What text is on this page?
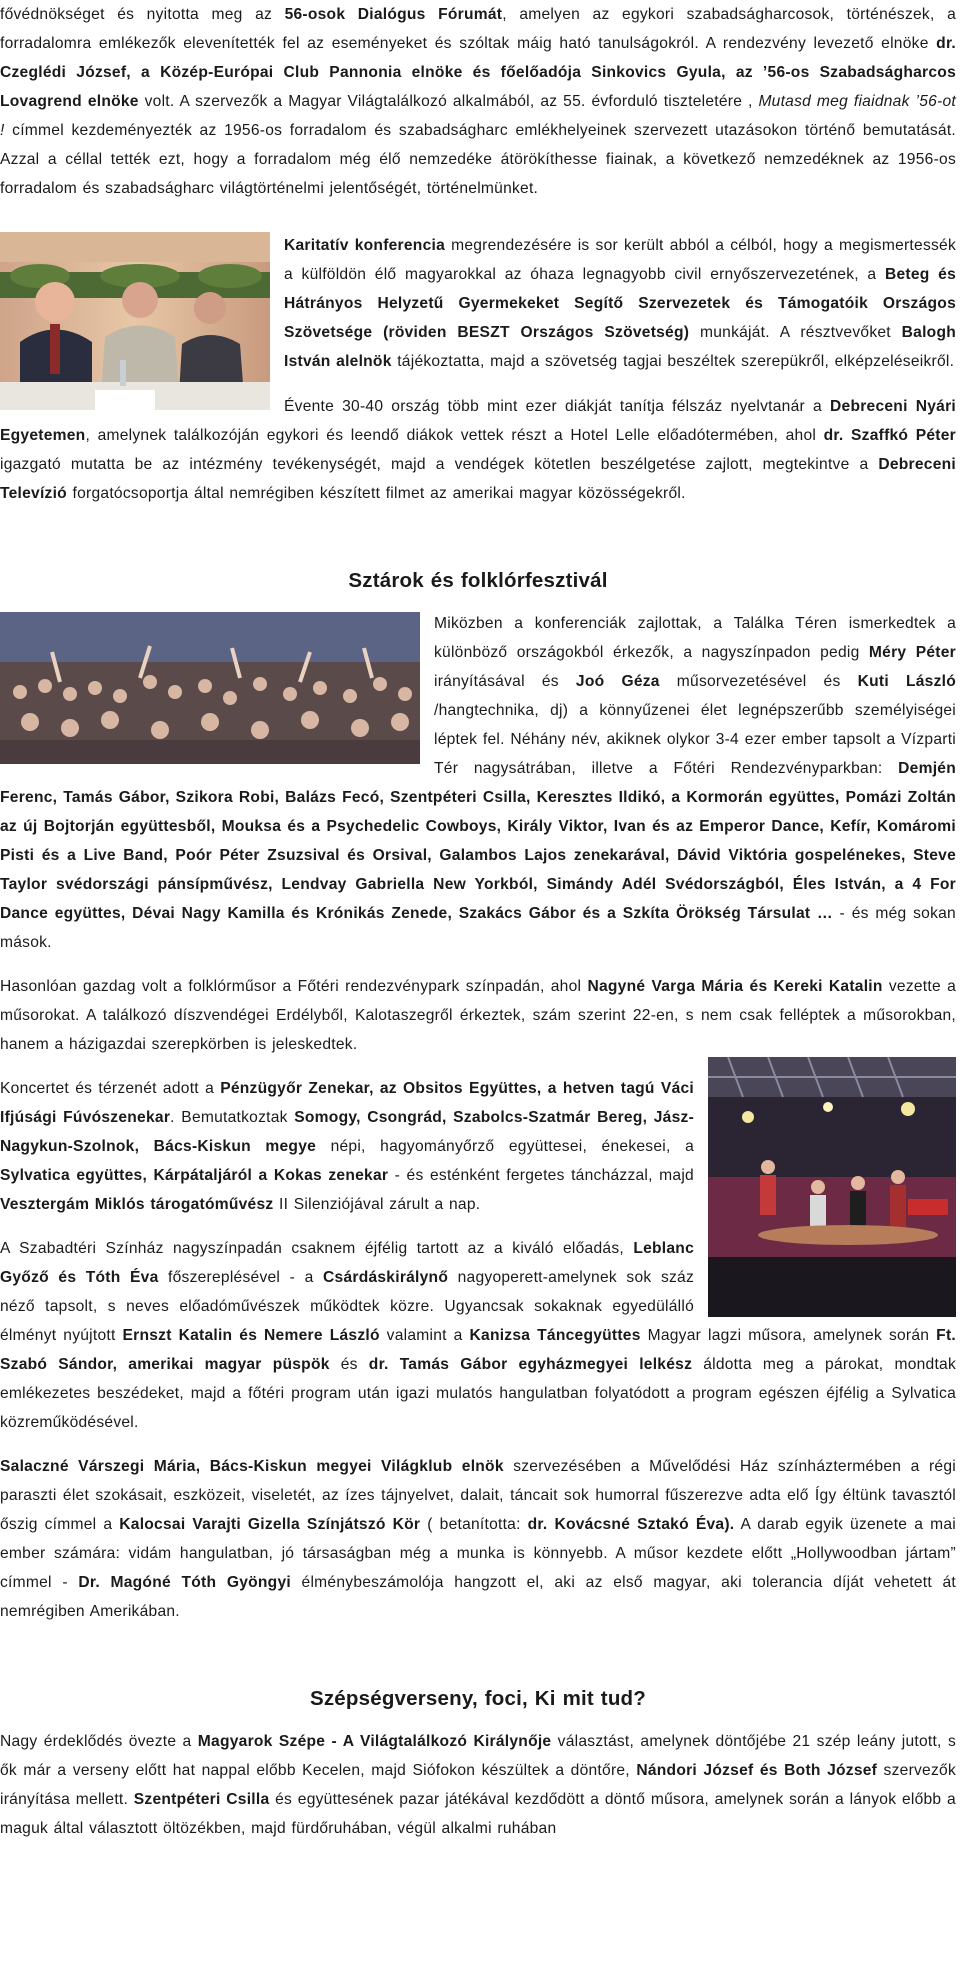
fővédnökséget és nyitotta meg az 56-osok Dialógus Fórumát, amelyen az egykori szabadságharcosok, történészek, a forradalomra emlékezők elevenítették fel az eseményeket és szóltak máig ható tanulságokról. A rendezvény levezető elnöke dr. Czeglédi József, a Közép-Európai Club Pannonia elnöke és főelőadója Sinkovics Gyula, az ’56-os Szabadságharcos Lovagrend elnöke volt. A szervezők a Magyar Világtalálkozó alkalmából, az 55. évforduló tiszteletére , Mutasd meg fiaidnak ’56-ot ! címmel kezdeményezték az 1956-os forradalom és szabadságharc emlékhelyeinek szervezett utazásokon történő bemutatását. Azzal a céllal tették ezt, hogy a forradalom még élő nemzedéke átörökíthesse fiainak, a következő nemzedéknek az 1956-os forradalom és szabadságharc világtörténelmi jelentőségét, történelmünket.

Karitatív konferencia megrendezésére is sor került abból a célból, hogy a megismertessék a külföldön élő magyarokkal az óhaza legnagyobb civil ernyőszervezetének, a Beteg és Hátrányos Helyzetű Gyermekeket Segítő Szervezetek és Támogatóik Országos Szövetsége (röviden BESZT Országos Szövetség) munkáját. A résztvevőket Balogh István alelnök tájékoztatta, majd a szövetség tagjai beszéltek szerepükről, elképzeléseikről.

Évente 30-40 ország több mint ezer diákját tanítja félszáz nyelvtanár a Debreceni Nyári Egyetemen, amelynek találkozóján egykori és leendő diákok vettek részt a Hotel Lelle előadótermében, ahol dr. Szaffkó Péter igazgató mutatta be az intézmény tevékenységét, majd a vendégek kötetlen beszélgetése zajlott, megtekintve a Debreceni Televízió forgatócsoportja által nemrégiben készített filmet az amerikai magyar közösségekről.

Sztárok és folklórfesztivál

Miközben a konferenciák zajlottak, a Találka Téren ismerkedtek a különböző országokból érkezők, a nagyszínpadon pedig Méry Péter irányításával és Joó Géza műsorvezetésével és Kuti László /hangtechnika, dj) a könnyűzenei élet legnépszerűbb személyiségei léptek fel. Néhány név, akiknek olykor 3-4 ezer ember tapsolt a Vízparti Tér nagysátrában, illetve a Főtéri Rendezvényparkban: Demjén Ferenc, Tamás Gábor, Szikora Robi, Balázs Fecó, Szentpéteri Csilla, Keresztes Ildikó, a Kormorán együttes, Pomázi Zoltán az új Bojtorján együttesből, Mouksa és a Psychedelic Cowboys, Király Viktor, Ivan és az Emperor Dance, Kefír, Komáromi Pisti és a Live Band, Poór Péter Zsuzsival és Orsival, Galambos Lajos zenekarával, Dávid Viktória gospelénekes, Steve Taylor svédországi pánsípművész, Lendvay Gabriella New Yorkból, Simándy Adél Svédországból, Éles István, a 4 For Dance együttes, Dévai Nagy Kamilla és Krónikás Zenede, Szakács Gábor és a Szkíta Örökség Társulat … - és még sokan mások.

Hasonlóan gazdag volt a folklórműsor a Főtéri rendezvénypark színpadán, ahol Nagyné Varga Mária és Kereki Katalin vezette a műsorokat. A találkozó díszvendégei Erdélyből, Kalotaszegről érkeztek, szám szerint 22-en, s nem csak felléptek a műsorokban, hanem a házigazdai szerepkörben is jeleskedtek.

Koncertet és térzenét adott a Pénzügyőr Zenekar, az Obsitos Együttes, a hetven tagú Váci Ifjúsági Fúvószenekar. Bemutatkoztak Somogy, Csongrád, Szabolcs-Szatmár Bereg, Jász-Nagykun-Szolnok, Bács-Kiskun megye népi, hagyományőrző együttesei, énekesei, a Sylvatica együttes, Kárpátaljáról a Kokas zenekar - és esténként fergetes táncházzal, majd Vesztergám Miklós tárogatóművész II Silenziójával zárult a nap.

A Szabadtéri Színház nagyszínpadán csaknem éjfélig tartott az a kiváló előadás, Leblanc Győző és Tóth Éva főszereplésével - a Csárdáskirálynő nagyoperett-amelynek sok száz néző tapsolt, s neves előadóművészek működtek közre. Ugyancsak sokaknak egyedülálló élményt nyújtott Ernszt Katalin és Nemere László valamint a Kanizsa Táncegyüttes Magyar lagzi műsora, amelynek során Ft. Szabó Sándor, amerikai magyar püspök és dr. Tamás Gábor egyházmegyei lelkész áldotta meg a párokat, mondtak emlékezetes beszédeket, majd a főtéri program után igazi mulatós hangulatban folyatódott a program egészen éjfélig a Sylvatica közreműködésével.

Salaczné Várszegi Mária, Bács-Kiskun megyei Világklub elnök szervezésében a Művelődési Ház színháztermében a régi paraszti élet szokásait, eszközeit, viseletét, az ízes tájnyelvet, dalait, táncait sok humorral fűszerezve adta elő Így éltünk tavasztól őszig címmel a Kalocsai Varajti Gizella Színjátszó Kör ( betanította: dr. Kovácsné Sztakó Éva). A darab egyik üzenete a mai ember számára: vidám hangulatban, jó társaságban még a munka is könnyebb. A műsor kezdete előtt „Hollywoodban jártam” címmel - Dr. Magóné Tóth Gyöngyi élménybeszámolója hangzott el, aki az első magyar, aki tolerancia díját vehetett át nemrégiben Amerikában.

Szépségverseny, foci, Ki mit tud?

Nagy érdeklődés övezte a Magyarok Szépe - A Világtalálkozó Királynője választást, amelynek döntőjébe 21 szép leány jutott, s ők már a verseny előtt hat nappal előbb Kecelen, majd Siófokon készültek a döntőre, Nándori József és Both József szervezők irányítása mellett. Szentpéteri Csilla és együttesének pazar játékával kezdődött a döntő műsora, amelynek során a lányok előbb a maguk által választott öltözékben, majd fürdőruhában, végül alkalmi ruhában
